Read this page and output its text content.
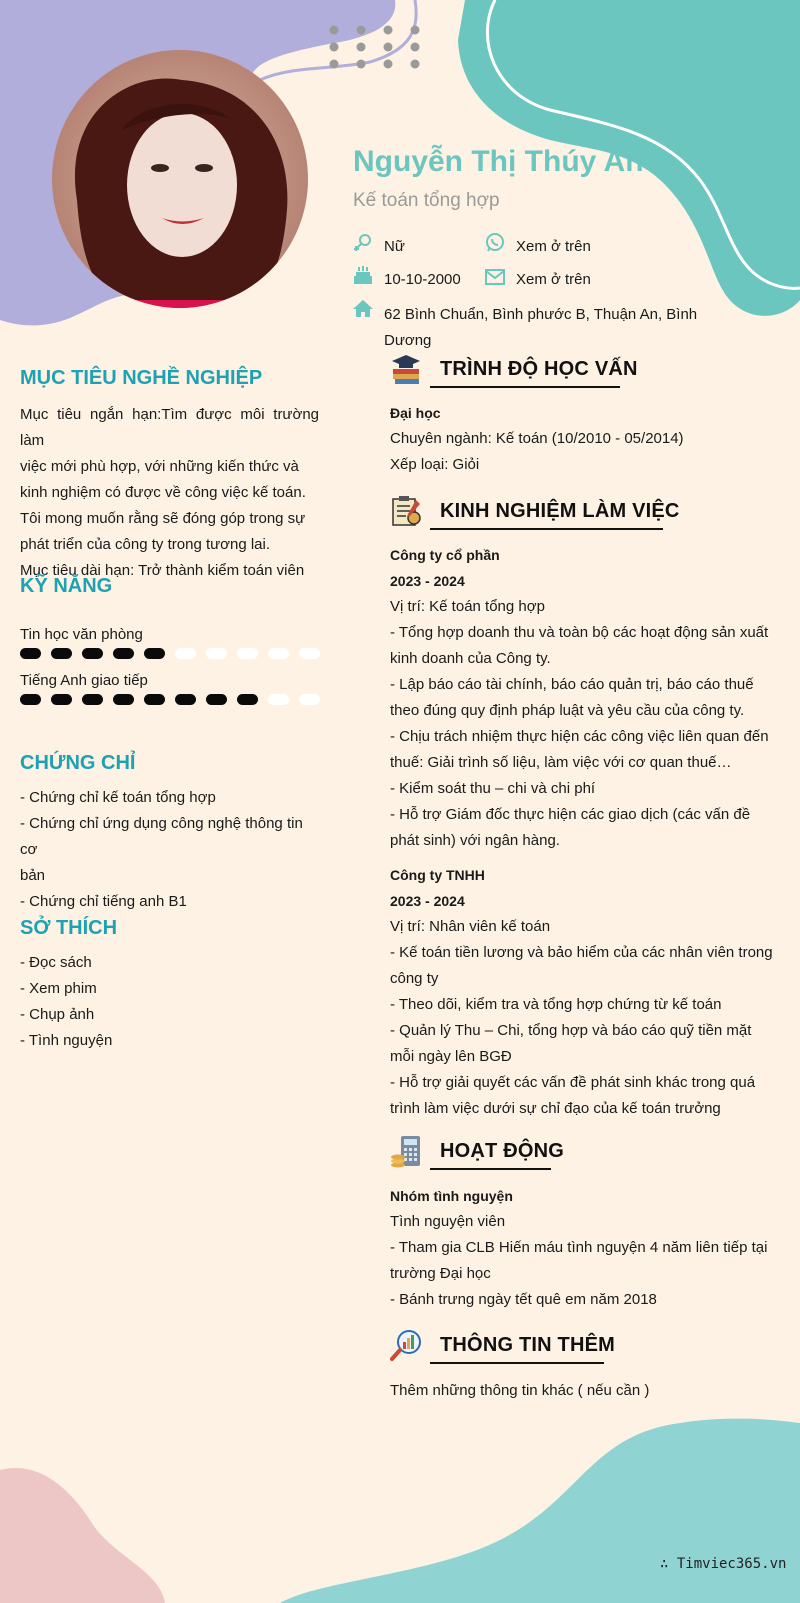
Nguyễn Thị Thúy An
Kế toán tổng hợp
Nữ	Xem ở trên
10-10-2000	Xem ở trên
62 Bình Chuẩn, Bình phước B, Thuận An, Bình
Dương
MỤC TIÊU NGHỀ NGHIỆP
Mục tiêu ngắn hạn:Tìm được môi trường làm
việc mới phù hợp, với những kiến thức và
kinh nghiệm có được về công việc kế toán.
Tôi mong muốn rằng sẽ đóng góp trong sự
phát triển của công ty trong tương lai.
Mục tiêu dài hạn: Trở thành kiểm toán viên
KỸ NĂNG
Tin học văn phòng
Tiếng Anh giao tiếp
CHỨNG CHỈ
- Chứng chỉ kế toán tổng hợp
- Chứng chỉ ứng dụng công nghệ thông tin cơ
bản
- Chứng chỉ tiếng anh B1
SỞ THÍCH
- Đọc sách
- Xem phim
- Chụp ảnh
- Tình nguyện
TRÌNH ĐỘ HỌC VẤN
Đại học
Chuyên ngành: Kế toán (10/2010 - 05/2014)
Xếp loại: Giỏi
KINH NGHIỆM LÀM VIỆC
Công ty cổ phần
2023 - 2024
Vị trí: Kế toán tổng hợp
- Tổng hợp doanh thu và toàn bộ các hoạt động sản xuất
kinh doanh của Công ty.
- Lập báo cáo tài chính, báo cáo quản trị, báo cáo thuế
theo đúng quy định pháp luật và yêu cầu của công ty.
- Chịu trách nhiệm thực hiện các công việc liên quan đến
thuế: Giải trình số liệu, làm việc với cơ quan thuế…
- Kiểm soát thu – chi và chi phí
- Hỗ trợ Giám đốc thực hiện các giao dịch (các vấn đề
phát sinh) với ngân hàng.
Công ty TNHH
2023 - 2024
Vị trí: Nhân viên kế toán
- Kế toán tiền lương và bảo hiểm của các nhân viên trong
công ty
- Theo dõi, kiểm tra và tổng hợp chứng từ kế toán
- Quản lý Thu – Chi, tổng hợp và báo cáo quỹ tiền mặt
mỗi ngày lên BGĐ
- Hỗ trợ giải quyết các vấn đề phát sinh khác trong quá
trình làm việc dưới sự chỉ đạo của kế toán trưởng
HOẠT ĐỘNG
Nhóm tình nguyện
Tình nguyện viên
- Tham gia CLB Hiến máu tình nguyện 4 năm liên tiếp tại
trường Đại học
- Bánh trưng ngày tết quê em năm 2018
THÔNG TIN THÊM
Thêm những thông tin khác ( nếu cần )
∴ Timviec365.vn
